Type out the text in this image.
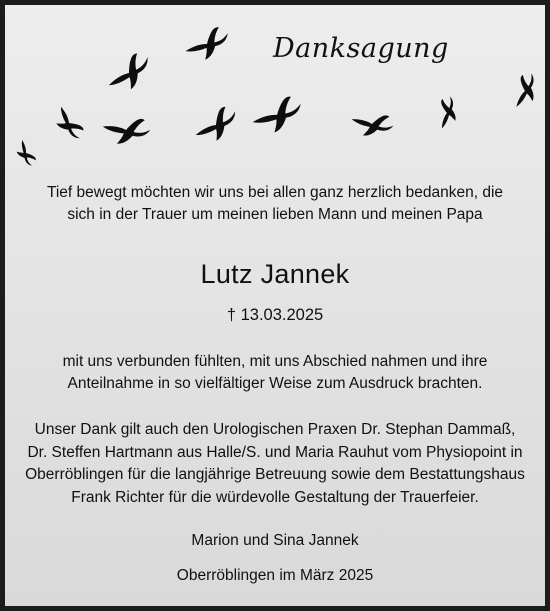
Danksagung
Tief bewegt möchten wir uns bei allen ganz herzlich bedanken, die
sich in der Trauer um meinen lieben Mann und meinen Papa
Lutz Jannek
† 13.03.2025
mit uns verbunden fühlten, mit uns Abschied nahmen und ihre
Anteilnahme in so vielfältiger Weise zum Ausdruck brachten.
Unser Dank gilt auch den Urologischen Praxen Dr. Stephan Dammaß,
Dr. Steffen Hartmann aus Halle/S. und Maria Rauhut vom Physiopoint in
Oberröblingen für die langjährige Betreuung sowie dem Bestattungshaus
Frank Richter für die würdevolle Gestaltung der Trauerfeier.
Marion und Sina Jannek
Oberröblingen im März 2025
